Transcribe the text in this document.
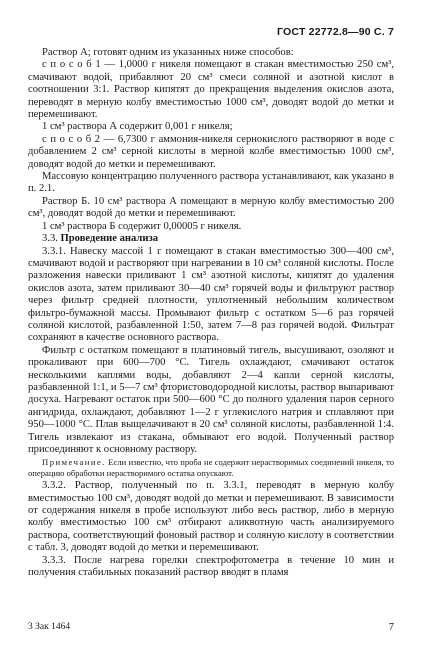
ГОСТ 22772.8—90 С. 7

Раствор А; готовят одним из указанных ниже способов:

с п о с о б 1 — 1,0000 г никеля помещают в стакан вместимостью 250 см³, смачивают водой, прибавляют 20 см³ смеси соляной и азотной кислот в соотношении 3:1. Раствор кипятят до прекращения выделения окислов азота, переводят в мерную колбу вместимостью 1000 см³, доводят водой до метки и перемешивают.

1 см³ раствора А содержит 0,001 г никеля;

с п о с о б 2 — 6,7300 г аммония-никеля сернокислого растворяют в воде с добавлением 2 см³ серной кислоты в мерной колбе вместимостью 1000 см³, доводят водой до метки и перемешивают.

Массовую концентрацию полученного раствора устанавливают, как указано в п. 2.1.

Раствор Б. 10 см³ раствора А помещают в мерную колбу вместимостью 200 см³, доводят водой до метки и перемешивают.

1 см³ раствора Б содержит 0,00005 г никеля.

3.3. Проведение анализа

3.3.1. Навеску массой 1 г помещают в стакан вместимостью 300—400 см³, смачивают водой и растворяют при нагревании в 10 см³ соляной кислоты. После разложения навески приливают 1 см³ азотной кислоты, кипятят до удаления окислов азота, затем приливают 30—40 см³ горячей воды и фильтруют раствор через фильтр средней плотности, уплотненный небольшим количеством фильтро-бумажной массы. Промывают фильтр с остатком 5—6 раз горячей соляной кислотой, разбавленной 1:50, затем 7—8 раз горячей водой. Фильтрат сохраняют в качестве основного раствора.

Фильтр с остатком помещают в платиновый тигель, высушивают, озоляют и прокаливают при 600—700 °С. Тигель охлаждают, смачивают остаток несколькими каплями воды, добавляют 2—4 капли серной кислоты, разбавленной 1:1, и 5—7 см³ фтористоводородной кислоты, раствор выпаривают досуха. Нагревают остаток при 500—600 °С до полного удаления паров серного ангидрида, охлаждают, добавляют 1—2 г углекислого натрия и сплавляют при 950—1000 °С. Плав выщелачивают в 20 см³ соляной кислоты, разбавленной 1:4. Тигель извлекают из стакана, обмывают его водой. Полученный раствор присоединяют к основному раствору.

Примечание. Если известно, что проба не содержит нерастворимых соединений никеля, то операцию обработки нерастворимого остатка опускают.

3.3.2. Раствор, полученный по п. 3.3.1, переводят в мерную колбу вместимостью 100 см³, доводят водой до метки и перемешивают. В зависимости от содержания никеля в пробе используют либо весь раствор, либо в мерную колбу вместимостью 100 см³ отбирают аликвотную часть анализируемого раствора, соответствующий фоновый раствор и соляную кислоту в соответствии с табл. 3, доводят водой до метки и перемешивают.

3.3.3. После нагрева горелки спектрофотометра в течение 10 мин и получения стабильных показаний раствор вводят в пламя

3 Зак 1464	7
